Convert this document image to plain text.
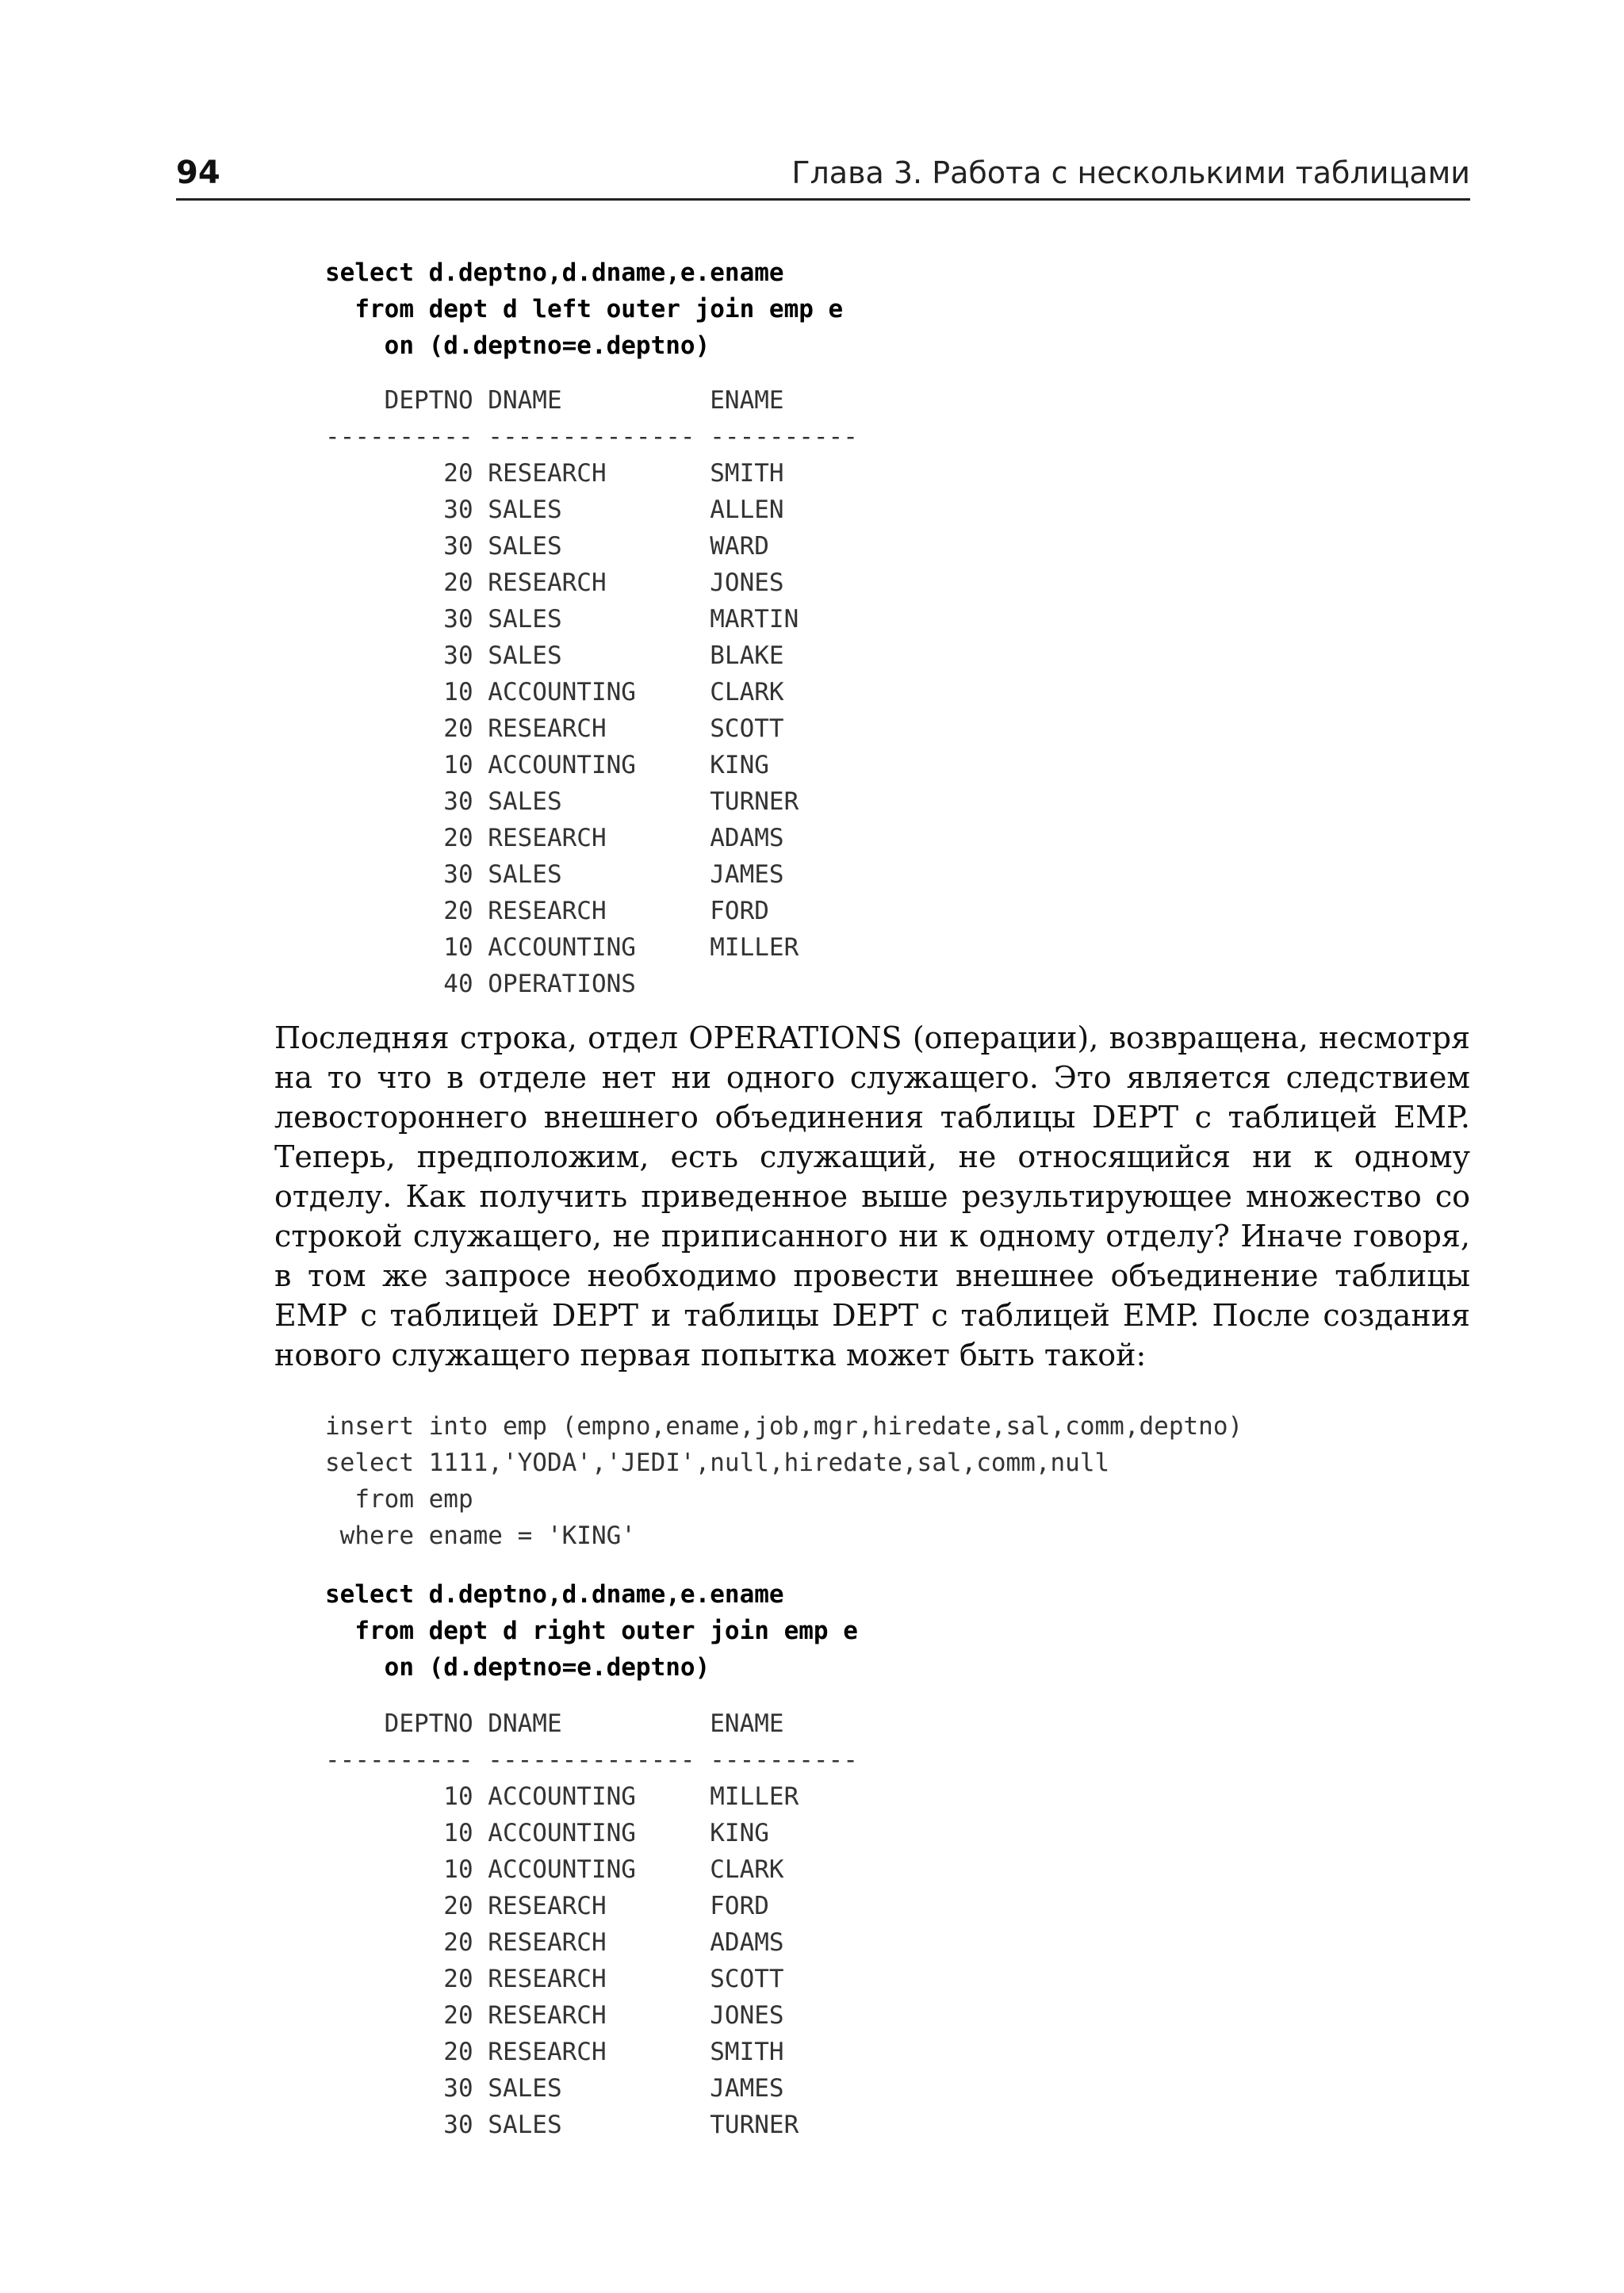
94	Глава 3. Работа с несколькими таблицами
select d.deptno,d.dname,e.ename
from dept d left outer join emp e
on (d.deptno=e.deptno)
DEPTNO DNAME          ENAME
---------- -------------- ----------
20 RESEARCH       SMITH
30 SALES          ALLEN
30 SALES          WARD
20 RESEARCH       JONES
30 SALES          MARTIN
30 SALES          BLAKE
10 ACCOUNTING     CLARK
20 RESEARCH       SCOTT
10 ACCOUNTING     KING
30 SALES          TURNER
20 RESEARCH       ADAMS
30 SALES          JAMES
20 RESEARCH       FORD
10 ACCOUNTING     MILLER
40 OPERATIONS

Последняя строка, отдел OPERATIONS (операции), возвращена, несмотря на то что в отделе нет ни одного служащего. Это является следствием левостороннего внешнего объединения таблицы DEPT с таблицей EMP. Теперь, предположим, есть служащий, не относящийся ни к одному отделу. Как получить приведенное выше результирующее множество со строкой служащего, не приписанного ни к одному отделу? Иначе говоря, в том же запросе необходимо провести внешнее объединение таблицы EMP с таблицей DEPT и таблицы DEPT с таблицей EMP. После создания нового служащего первая попытка может быть такой:

insert into emp (empno,ename,job,mgr,hiredate,sal,comm,deptno)
select 1111,'YODA','JEDI',null,hiredate,sal,comm,null
from emp
where ename = 'KING'
select d.deptno,d.dname,e.ename
from dept d right outer join emp e
on (d.deptno=e.deptno)
DEPTNO DNAME          ENAME
---------- -------------- ----------
10 ACCOUNTING     MILLER
10 ACCOUNTING     KING
10 ACCOUNTING     CLARK
20 RESEARCH       FORD
20 RESEARCH       ADAMS
20 RESEARCH       SCOTT
20 RESEARCH       JONES
20 RESEARCH       SMITH
30 SALES          JAMES
30 SALES          TURNER
